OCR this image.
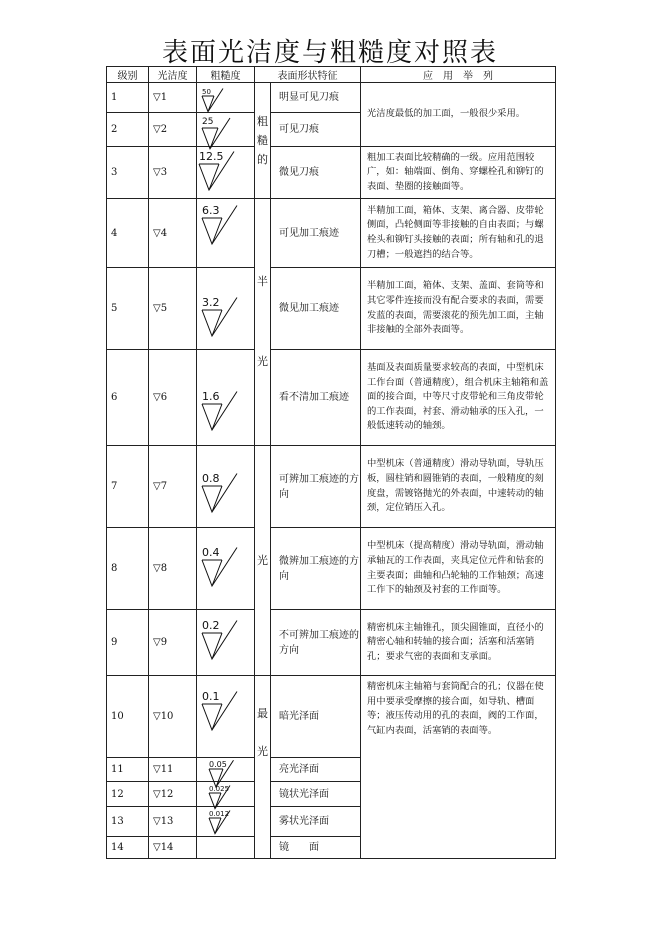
表面光洁度与粗糙度对照表
级别	光洁度	粗糙度	表面形状特征		应　用　举　列
1	▽1	50	粗糙的	明显可见刀痕	光洁度最低的加工面，一般很少采用。
2	▽2	25		可见刀痕	
3	▽3	12.5		微见刀痕	粗加工表面比较精确的一级。应用范围较广，如：轴端面、倒角、穿螺栓孔和铆钉的表面、垫圈的接触面等。
4	▽4	6.3	半光	可见加工痕迹	半精加工面，箱体、支架、离合器、皮带轮侧面，凸轮侧面等非接触的自由表面；与螺栓头和铆钉头接触的表面；所有轴和孔的退刀槽；一般遮挡的结合等。
5	▽5	3.2		微见加工痕迹	半精加工面，箱体、支架、盖面、套筒等和其它零件连接而没有配合要求的表面，需要发蓝的表面，需要滚花的预先加工面，主轴非接触的全部外表面等。
6	▽6	1.6		看不清加工痕迹	基面及表面质量要求较高的表面，中型机床工作台面（普通精度），组合机床主轴箱和盖面的接合面，中等尺寸皮带轮和三角皮带轮的工作表面，衬套、滑动轴承的压入孔，一般低速转动的轴颈。
7	▽7	0.8	光	可辨加工痕迹的方向	中型机床（普通精度）滑动导轨面，导轨压板，圆柱销和圆锥销的表面，一般精度的刻度盘，需镀铬抛光的外表面，中速转动的轴颈，定位销压入孔。
8	▽8	0.4		微辨加工痕迹的方向	中型机床（提高精度）滑动导轨面，滑动轴承轴瓦的工作表面，夹具定位元件和钻套的主要表面；曲轴和凸轮轴的工作轴颈；高速工作下的轴颈及衬套的工作面等。
9	▽9	0.2		不可辨加工痕迹的方向	精密机床主轴锥孔，顶尖圆锥面，直径小的精密心轴和转轴的接合面；活塞和活塞销孔；要求气密的表面和支承面。
10	▽10	0.1	最光	暗光泽面	精密机床主轴箱与套筒配合的孔；仪器在使用中要承受摩擦的接合面，如导轨、槽面等；液压传动用的孔的表面，阀的工作面，气缸内表面，活塞销的表面等。
11	▽11	0.05		亮光泽面	
12	▽12	0.025		镜状光泽面	
13	▽13	0.012		雾状光泽面	
14	▽14			镜　　面	
